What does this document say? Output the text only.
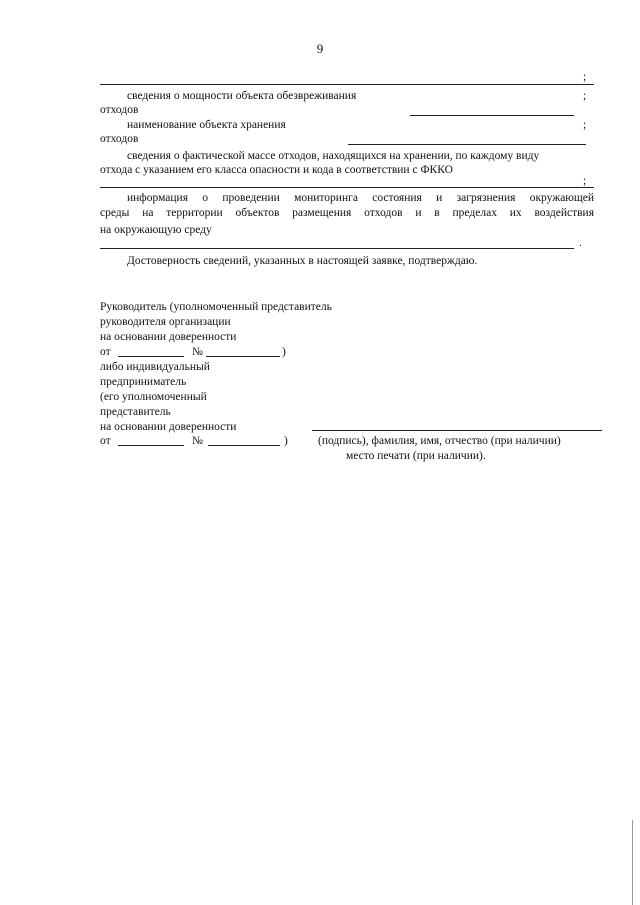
9
;
сведения о мощности объекта обезвреживания	;
отходов
наименование объекта хранения	;
отходов
сведения о фактической массе отходов, находящихся на хранении, по каждому виду
отхода с указанием его класса опасности и кода в соответствии с ФККО
;
информация о проведении мониторинга состояния и загрязнения окружающей
среды на территории объектов размещения отходов и в пределах их воздействия
на окружающую среду
.
Достоверность сведений, указанных в настоящей заявке, подтверждаю.
Руководитель (уполномоченный представитель
руководителя организации
на основании доверенности
от	№	)
либо индивидуальный
предприниматель
(его уполномоченный
представитель
на основании доверенности
от	№	)	(подпись), фамилия, имя, отчество (при наличии)
место печати (при наличии).
